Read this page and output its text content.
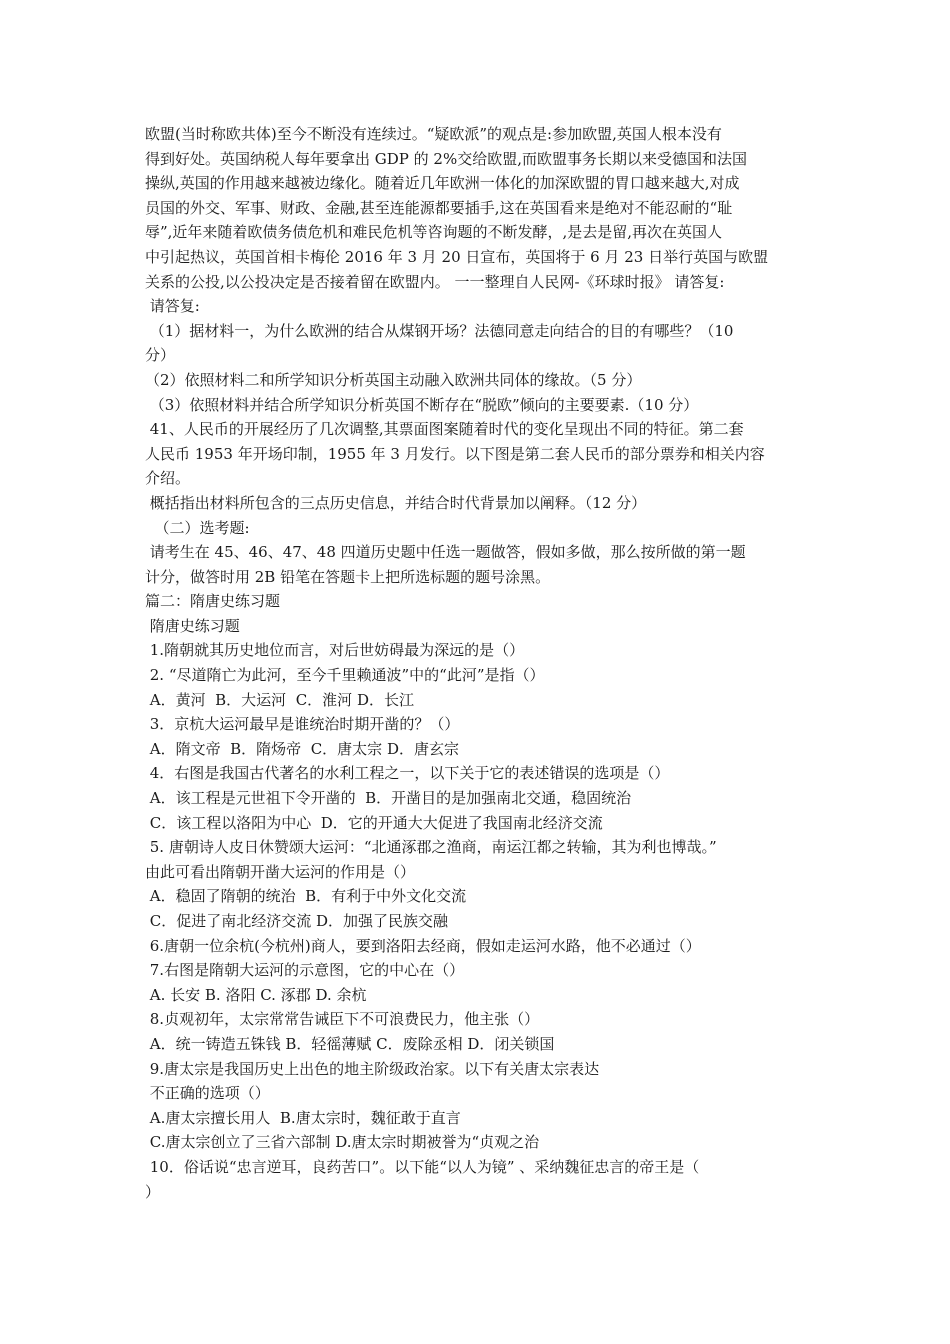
欧盟(当时称欧共体)至今不断没有连续过。“疑欧派”的观点是:参加欧盟,英国人根本没有
得到好处。英国纳税人每年要拿出 GDP 的 2%交给欧盟,而欧盟事务长期以来受德国和法国
操纵,英国的作用越来越被边缘化。随着近几年欧洲一体化的加深欧盟的胃口越来越大,对成
员国的外交、军事、财政、金融,甚至连能源都要插手,这在英国看来是绝对不能忍耐的“耻
辱”,近年来随着欧债务债危机和难民危机等咨询题的不断发酵，,是去是留,再次在英国人
中引起热议，英国首相卡梅伦 2016 年 3 月 20 日宣布，英国将于 6 月 23 日举行英国与欧盟
关系的公投,以公投决定是否接着留在欧盟内。 一一整理自人民网-《环球时报》 请答复:
请答复:
（1）据材料一，为什么欧洲的结合从煤钢开场？法德同意走向结合的目的有哪些？（10
分）
（2）依照材料二和所学知识分析英国主动融入欧洲共同体的缘故。（5 分）
（3）依照材料并结合所学知识分析英国不断存在“脱欧”倾向的主要要素.（10 分）
41、人民币的开展经历了几次调整,其票面图案随着时代的变化呈现出不同的特征。第二套
人民币 1953 年开场印制，1955 年 3 月发行。以下图是第二套人民币的部分票券和相关内容
介绍。
概括指出材料所包含的三点历史信息，并结合时代背景加以阐释。（12 分）
（二）选考题:
请考生在 45、46、47、48 四道历史题中任选一题做答，假如多做，那么按所做的第一题
计分，做答时用 2B 铅笔在答题卡上把所选标题的题号涂黑。
篇二：隋唐史练习题
隋唐史练习题
1.隋朝就其历史地位而言，对后世妨碍最为深远的是（）
2. “尽道隋亡为此河，至今千里赖通波”中的“此河”是指（）
A．黄河  B．大运河  C．淮河 D．长江
3．京杭大运河最早是谁统治时期开凿的？（）
A．隋文帝  B．隋炀帝  C．唐太宗 D．唐玄宗
4．右图是我国古代著名的水利工程之一，以下关于它的表述错误的选项是（）
A．该工程是元世祖下令开凿的  B．开凿目的是加强南北交通，稳固统治
C．该工程以洛阳为中心  D．它的开通大大促进了我国南北经济交流
5. 唐朝诗人皮日休赞颂大运河：“北通涿郡之渔商，南运江都之转输，其为利也博哉。”
由此可看出隋朝开凿大运河的作用是（）
A．稳固了隋朝的统治  B．有利于中外文化交流
C．促进了南北经济交流 D．加强了民族交融
6.唐朝一位余杭(今杭州)商人，要到洛阳去经商，假如走运河水路，他不必通过（）
7.右图是隋朝大运河的示意图，它的中心在（）
A. 长安 B. 洛阳 C. 涿郡 D. 余杭
8.贞观初年，太宗常常告诫臣下不可浪费民力，他主张（）
A．统一铸造五铢钱 B．轻徭薄赋 C．废除丞相 D．闭关锁国
9.唐太宗是我国历史上出色的地主阶级政治家。以下有关唐太宗表达
不正确的选项（）
A.唐太宗擅长用人  B.唐太宗时，魏征敢于直言
C.唐太宗创立了三省六部制 D.唐太宗时期被誉为“贞观之治
10．俗话说“忠言逆耳，良药苦口”。以下能“以人为镜” 、采纳魏征忠言的帝王是（
）
